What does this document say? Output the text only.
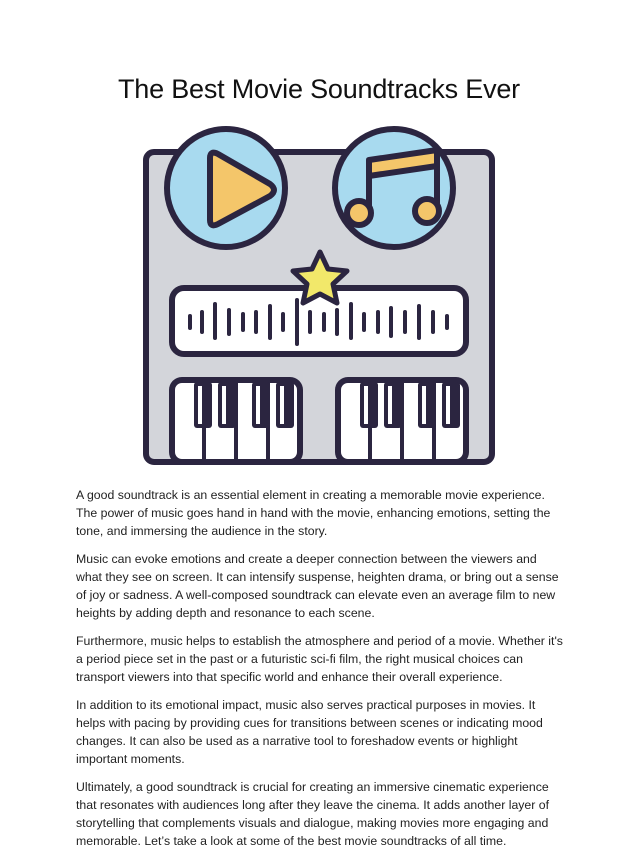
The Best Movie Soundtracks Ever

A good soundtrack is an essential element in creating a memorable movie experience. The power of music goes hand in hand with the movie, enhancing emotions, setting the tone, and immersing the audience in the story.

Music can evoke emotions and create a deeper connection between the viewers and what they see on screen. It can intensify suspense, heighten drama, or bring out a sense of joy or sadness. A well-composed soundtrack can elevate even an average film to new heights by adding depth and resonance to each scene.

Furthermore, music helps to establish the atmosphere and period of a movie. Whether it's a period piece set in the past or a futuristic sci-fi film, the right musical choices can transport viewers into that specific world and enhance their overall experience.

In addition to its emotional impact, music also serves practical purposes in movies. It helps with pacing by providing cues for transitions between scenes or indicating mood changes. It can also be used as a narrative tool to foreshadow events or highlight important moments.

Ultimately, a good soundtrack is crucial for creating an immersive cinematic experience that resonates with audiences long after they leave the cinema. It adds another layer of storytelling that complements visuals and dialogue, making movies more engaging and memorable. Let’s take a look at some of the best movie soundtracks of all time.
